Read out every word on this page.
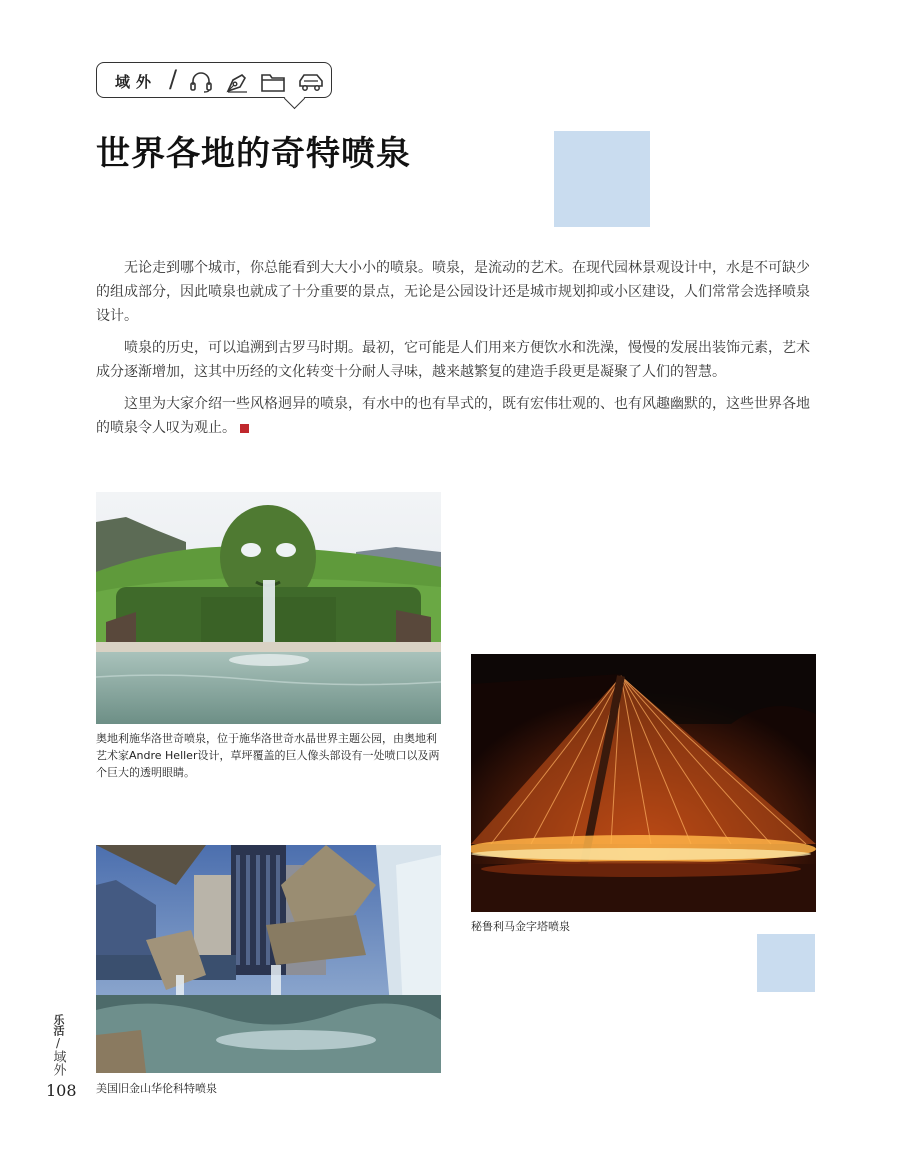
域外 /
世界各地的奇特喷泉

无论走到哪个城市，你总能看到大大小小的喷泉。喷泉，是流动的艺术。在现代园林景观设计中，水是不可缺少的组成部分，因此喷泉也就成了十分重要的景点，无论是公园设计还是城市规划抑或小区建设，人们常常会选择喷泉设计。

喷泉的历史，可以追溯到古罗马时期。最初，它可能是人们用来方便饮水和洗澡，慢慢的发展出装饰元素，艺术成分逐渐增加，这其中历经的文化转变十分耐人寻味，越来越繁复的建造手段更是凝聚了人们的智慧。

这里为大家介绍一些风格迥异的喷泉，有水中的也有旱式的，既有宏伟壮观的、也有风趣幽默的，这些世界各地的喷泉令人叹为观止。

奥地利施华洛世奇喷泉，位于施华洛世奇水晶世界主题公园，由奥地利艺术家Andre Heller设计，草坪覆盖的巨人像头部设有一处喷口以及两个巨大的透明眼睛。
秘鲁利马金字塔喷泉
美国旧金山华伦科特喷泉
乐活
/
域外
108
